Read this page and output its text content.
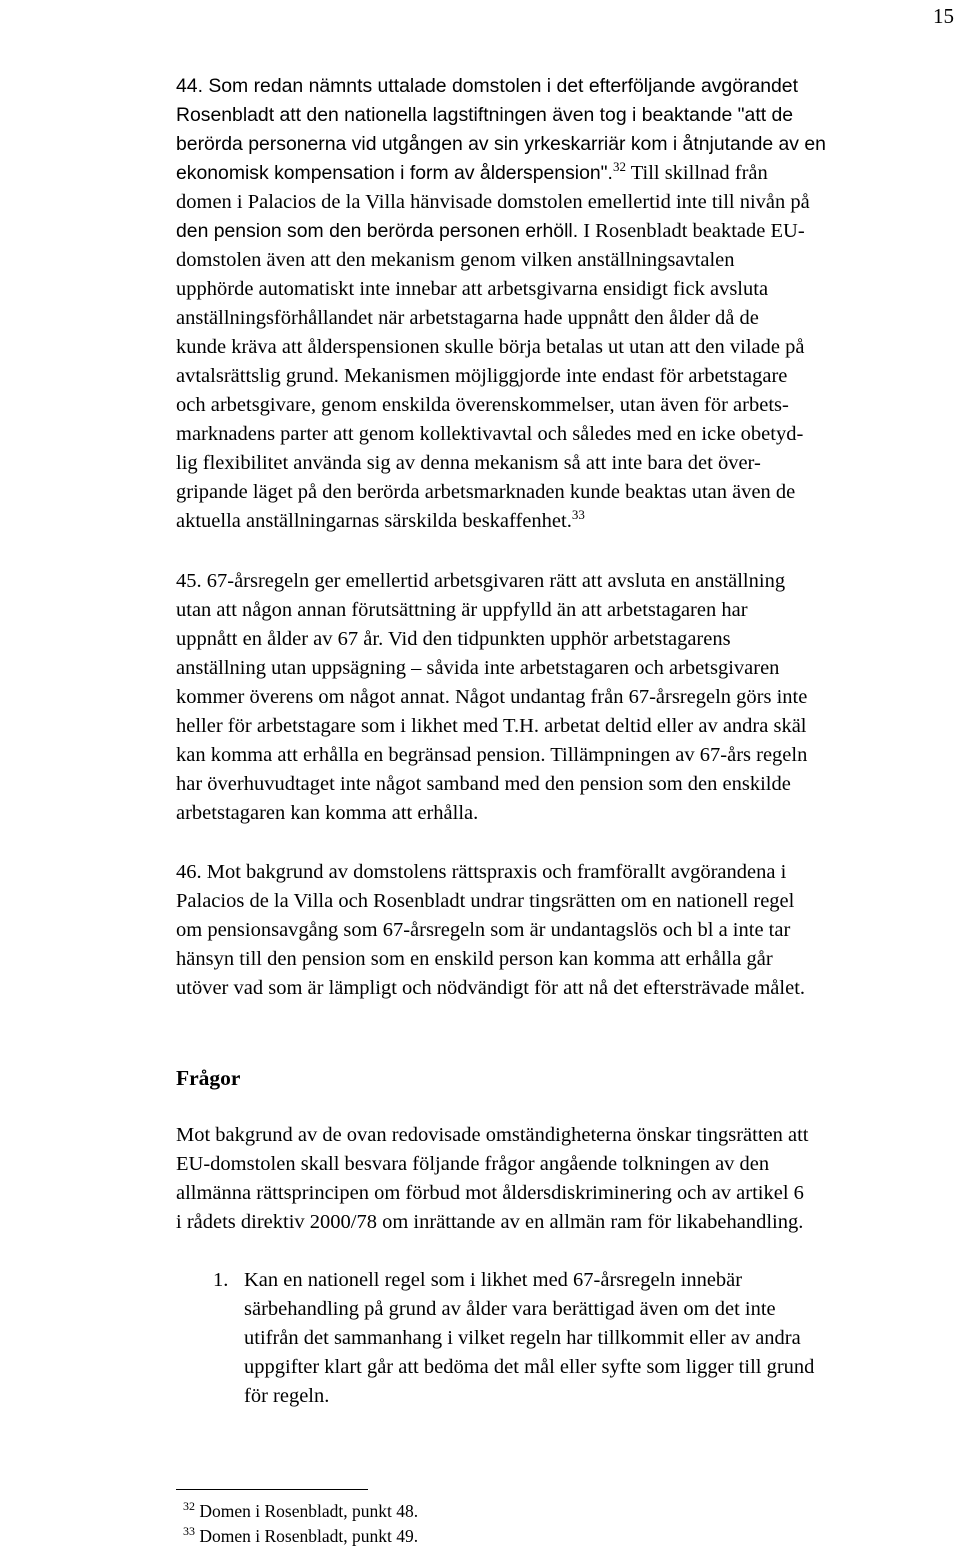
15
44. Som redan nämnts uttalade domstolen i det efterföljande avgörandet
Rosenbladt att den nationella lagstiftningen även tog i beaktande "att de
berörda personerna vid utgången av sin yrkeskarriär kom i åtnjutande av en
ekonomisk kompensation i form av ålderspension".$^{32}$ Till skillnad från
domen i Palacios de la Villa hänvisade domstolen emellertid inte till nivån på
den pension som den berörda personen erhöll. I Rosenbladt beaktade EU-
domstolen även att den mekanism genom vilken anställningsavtalen
upphörde automatiskt inte innebar att arbetsgivarna ensidigt fick avsluta
anställningsförhållandet när arbetstagarna hade uppnått den ålder då de
kunde kräva att ålderspensionen skulle börja betalas ut utan att den vilade på
avtalsrättslig grund. Mekanismen möjliggjorde inte endast för arbetstagare
och arbetsgivare, genom enskilda överenskommelser, utan även för arbets-
marknadens parter att genom kollektivavtal och således med en icke obetyd-
lig flexibilitet använda sig av denna mekanism så att inte bara det över-
gripande läget på den berörda arbetsmarknaden kunde beaktas utan även de
aktuella anställningarnas särskilda beskaffenhet.$^{33}$
45. 67-årsregeln ger emellertid arbetsgivaren rätt att avsluta en anställning
utan att någon annan förutsättning är uppfylld än att arbetstagaren har
uppnått en ålder av 67 år. Vid den tidpunkten upphör arbetstagarens
anställning utan uppsägning – såvida inte arbetstagaren och arbetsgivaren
kommer överens om något annat. Något undantag från 67-årsregeln görs inte
heller för arbetstagare som i likhet med T.H. arbetat deltid eller av andra skäl
kan komma att erhålla en begränsad pension. Tillämpningen av 67-års regeln
har överhuvudtaget inte något samband med den pension som den enskilde
arbetstagaren kan komma att erhålla.
46. Mot bakgrund av domstolens rättspraxis och framförallt avgörandena i
Palacios de la Villa och Rosenbladt undrar tingsrätten om en nationell regel
om pensionsavgång som 67-årsregeln som är undantagslös och bl a inte tar
hänsyn till den pension som en enskild person kan komma att erhålla går
utöver vad som är lämpligt och nödvändigt för att nå det eftersträvade målet.
Frågor
Mot bakgrund av de ovan redovisade omständigheterna önskar tingsrätten att
EU-domstolen skall besvara följande frågor angående tolkningen av den
allmänna rättsprincipen om förbud mot åldersdiskriminering och av artikel 6
i rådets direktiv 2000/78 om inrättande av en allmän ram för likabehandling.
1. Kan en nationell regel som i likhet med 67-årsregeln innebär
särbehandling på grund av ålder vara berättigad även om det inte
utifrån det sammanhang i vilket regeln har tillkommit eller av andra
uppgifter klart går att bedöma det mål eller syfte som ligger till grund
för regeln.
$^{32}$ Domen i Rosenbladt, punkt 48.
$^{33}$ Domen i Rosenbladt, punkt 49.
